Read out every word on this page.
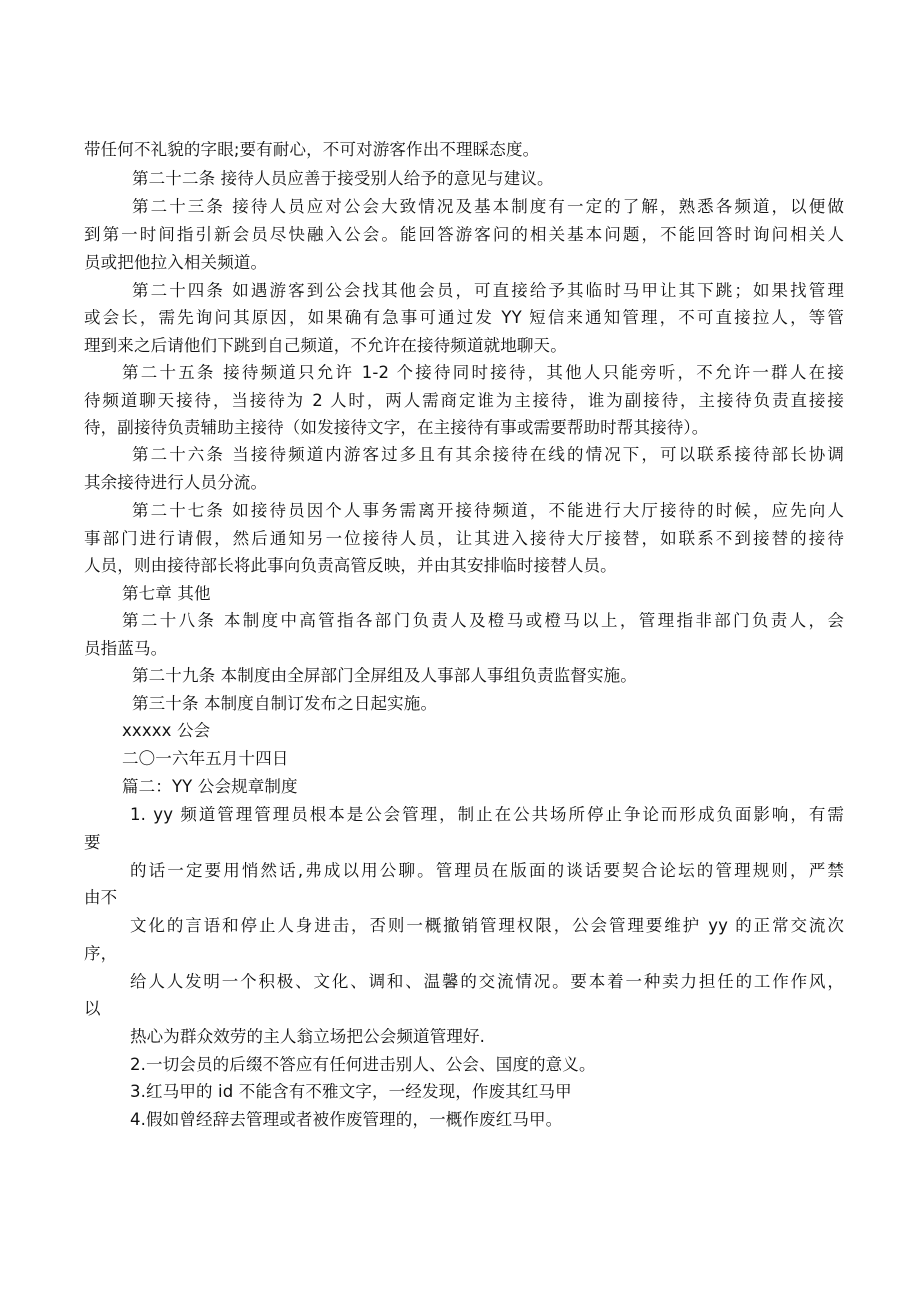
带任何不礼貌的字眼;要有耐心，不可对游客作出不理睬态度。
第二十二条 接待人员应善于接受别人给予的意见与建议。
第二十三条 接待人员应对公会大致情况及基本制度有一定的了解，熟悉各频道，以便做
到第一时间指引新会员尽快融入公会。能回答游客问的相关基本问题，不能回答时询问相关人
员或把他拉入相关频道。
第二十四条 如遇游客到公会找其他会员，可直接给予其临时马甲让其下跳；如果找管理
或会长，需先询问其原因，如果确有急事可通过发 YY 短信来通知管理，不可直接拉人，等管
理到来之后请他们下跳到自己频道，不允许在接待频道就地聊天。
第二十五条 接待频道只允许 1-2 个接待同时接待，其他人只能旁听，不允许一群人在接
待频道聊天接待，当接待为 2 人时，两人需商定谁为主接待，谁为副接待，主接待负责直接接
待，副接待负责辅助主接待（如发接待文字，在主接待有事或需要帮助时帮其接待）。
第二十六条 当接待频道内游客过多且有其余接待在线的情况下，可以联系接待部长协调
其余接待进行人员分流。
第二十七条 如接待员因个人事务需离开接待频道，不能进行大厅接待的时候，应先向人
事部门进行请假，然后通知另一位接待人员，让其进入接待大厅接替，如联系不到接替的接待
人员，则由接待部长将此事向负责高管反映，并由其安排临时接替人员。
第七章 其他
第二十八条 本制度中高管指各部门负责人及橙马或橙马以上，管理指非部门负责人，会
员指蓝马。
第二十九条 本制度由全屏部门全屏组及人事部人事组负责监督实施。
第三十条 本制度自制订发布之日起实施。
xxxxx 公会
二〇一六年五月十四日
篇二：YY 公会规章制度
1. yy 频道管理管理员根本是公会管理，制止在公共场所停止争论而形成负面影响，有需
要
的话一定要用悄然话,弗成以用公聊。管理员在版面的谈话要契合论坛的管理规则，严禁
由不
文化的言语和停止人身进击，否则一概撤销管理权限，公会管理要维护 yy 的正常交流次
序，
给人人发明一个积极、文化、调和、温馨的交流情况。要本着一种卖力担任的工作作风，
以
热心为群众效劳的主人翁立场把公会频道管理好.
2.一切会员的后缀不答应有任何进击别人、公会、国度的意义。
3.红马甲的 id 不能含有不雅文字，一经发现，作废其红马甲
4.假如曾经辞去管理或者被作废管理的，一概作废红马甲。
